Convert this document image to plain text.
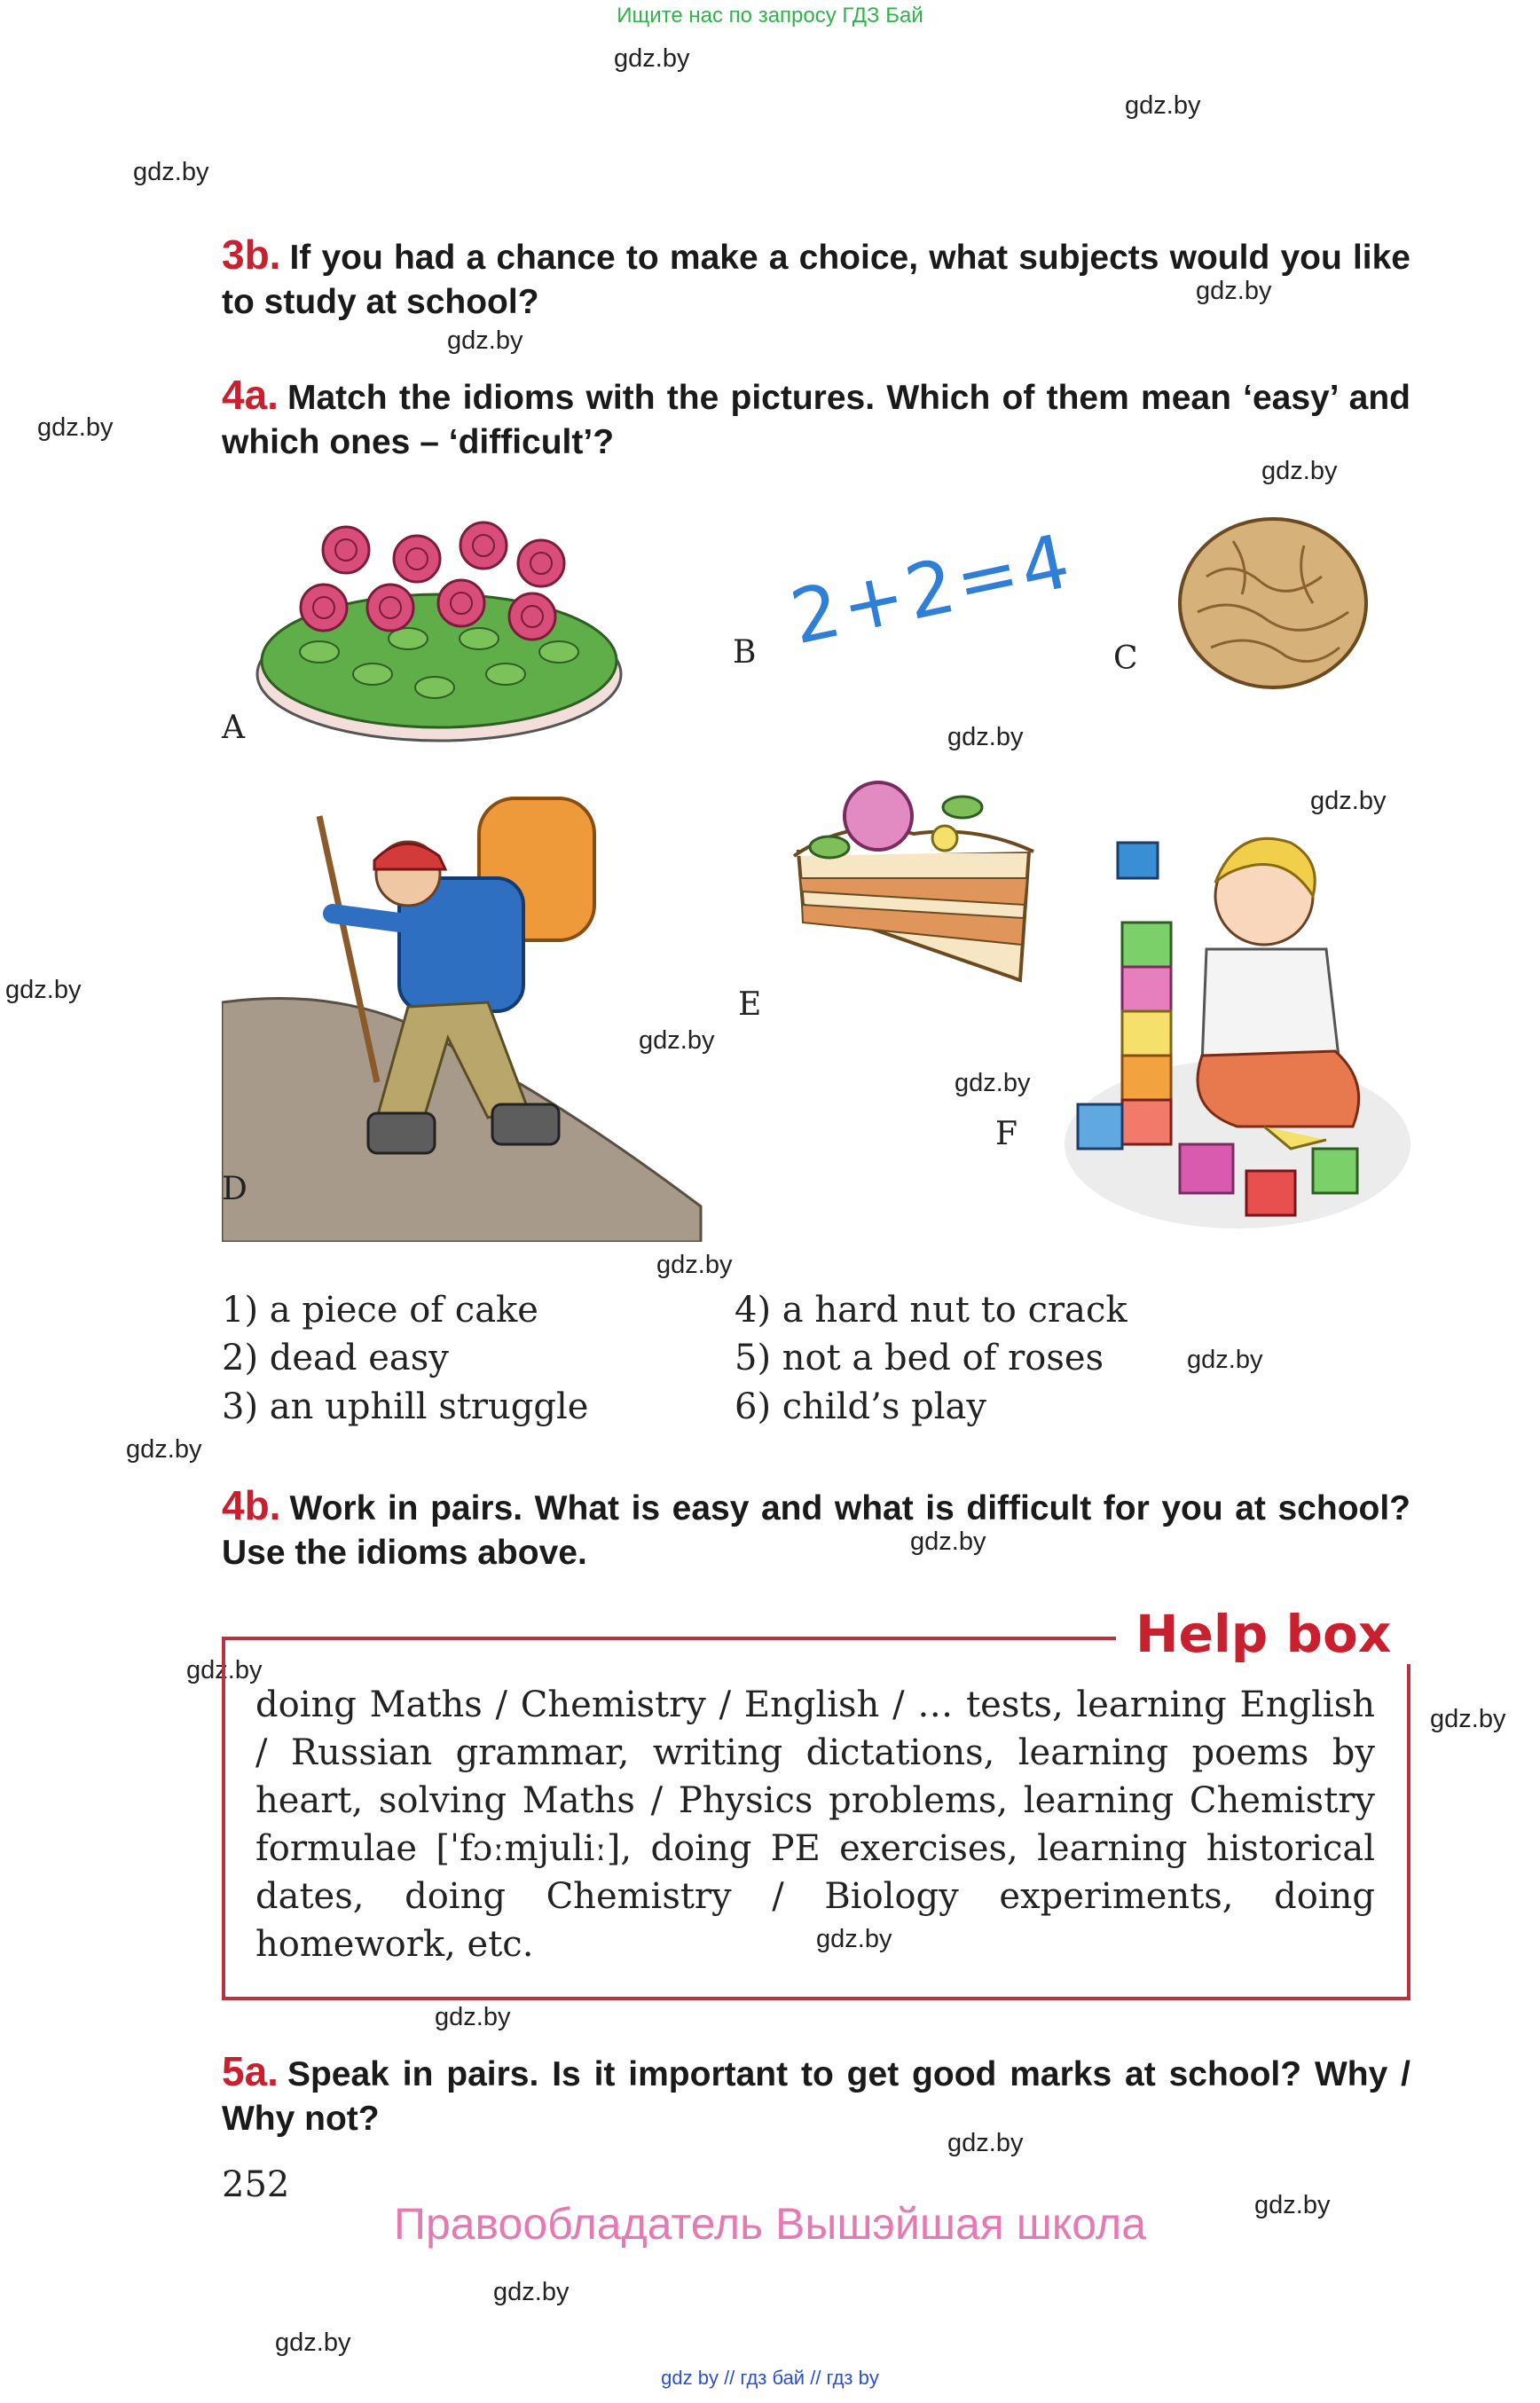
Ищите нас по запросу ГДЗ Бай
gdz.by
gdz.by
gdz.by
gdz.by
gdz.by
gdz.by
gdz.by
gdz.by
gdz.by
gdz.by
gdz.by
gdz.by
gdz.by
gdz.by
gdz.by
gdz.by
gdz.by
gdz.by
gdz.by
gdz.by
gdz.by
gdz.by
gdz.by
gdz.by
3b. If you had a chance to make a choice, what subjects would you like to study at school?
4a. Match the idioms with the pictures. Which of them mean ‘easy’ and which ones – ‘difficult’?
A
2+2=4
B	C
D
E
F
1) a piece of cake
2) dead easy
3) an uphill struggle
4) a hard nut to crack
5) not a bed of roses
6) child’s play
4b. Work in pairs. What is easy and what is difficult for you at school? Use the idioms above.
Help box
doing Maths / Chemistry / English / … tests, learning English / Russian grammar, writing dictations, learning poems by heart, solving Maths / Physics problems, learning Chemistry formulae [ˈfɔːmjuliː], doing PE exercises, learning historical dates, doing Chemistry / Biology experiments, doing homework, etc.
5a. Speak in pairs. Is it important to get good marks at school? Why / Why not?
252
Правообладатель Вышэйшая школа
gdz by // гдз бай // гдз by
